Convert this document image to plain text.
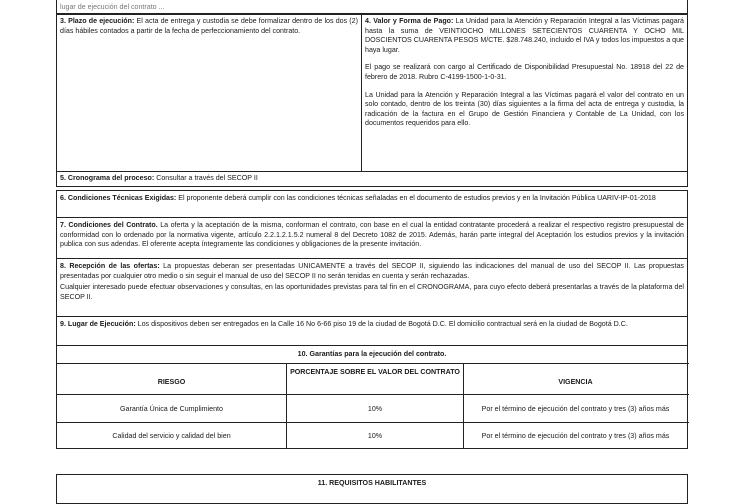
lugar de ejecución del contrato ...
3. Plazo de ejecución: El acta de entrega y custodia se debe formalizar dentro de los dos (2) días hábiles contados a partir de la fecha de perfeccionamiento del contrato.

4. Valor y Forma de Pago: La Unidad para la Atención y Reparación Integral a las Víctimas pagará hasta la suma de VEINTIOCHO MILLONES SETECIENTOS CUARENTA Y OCHO MIL DOSCIENTOS CUARENTA PESOS M/CTE. $28.748.240, incluido el IVA y todos los impuestos a que haya lugar.

El pago se realizará con cargo al Certificado de Disponibilidad Presupuestal No. 18918 del 22 de febrero de 2018. Rubro C-4199-1500-1-0-31.

La Unidad para la Atención y Reparación Integral a las Víctimas pagará el valor del contrato en un solo contado, dentro de los treinta (30) días siguientes a la firma del acta de entrega y custodia, la radicación de la factura en el Grupo de Gestión Financiera y Contable de La Unidad, con los documentos requeridos para ello.

5. Cronograma del proceso: Consultar a través del SECOP II
6. Condiciones Técnicas Exigidas: El proponente deberá cumplir con las condiciones técnicas señaladas en el documento de estudios previos y en la Invitación Pública UARIV-IP-01-2018
7. Condiciones del Contrato. La oferta y la aceptación de la misma, conforman el contrato, con base en el cual la entidad contratante procederá a realizar el respectivo registro presupuestal de conformidad con lo ordenado por la normativa vigente, artículo 2.2.1.2.1.5.2 numeral 8 del Decreto 1082 de 2015. Además, harán parte integral del Aceptación los estudios previos y la invitación publica con sus adendas. El oferente acepta íntegramente las condiciones y obligaciones de la presente invitación.

8. Recepción de las ofertas: La propuestas deberan ser presentadas UNICAMENTE a través del SECOP II, siguiendo las indicaciones del manual de uso del SECOP II. Las propuestas presentadas por cualquier otro medio o sin seguir el manual de uso del SECOP II no serán tenidas en cuenta y serán rechazadas.

Cualquier interesado puede efectuar observaciones y consultas, en las oportunidades previstas para tal fin en el CRONOGRAMA, para cuyo efecto deberá presentarlas a través de la plataforma del SECOP II.

9. Lugar de Ejecución: Los dispositivos deben ser entregados en la Calle 16 No 6-66 piso 19 de la ciudad de Bogotá D.C. El domicilio contractual será en la ciudad de Bogotá D.C.
10. Garantías para la ejecución del contrato.
RIESGO
PORCENTAJE SOBRE EL VALOR DEL CONTRATO
VIGENCIA
Garantía Única de Cumplimiento	10%	Por el término de ejecución del contrato y tres (3) años más
Calidad del servicio y calidad del bien	10%	Por el término de ejecución del contrato y tres (3) años más
11. REQUISITOS HABILITANTES
